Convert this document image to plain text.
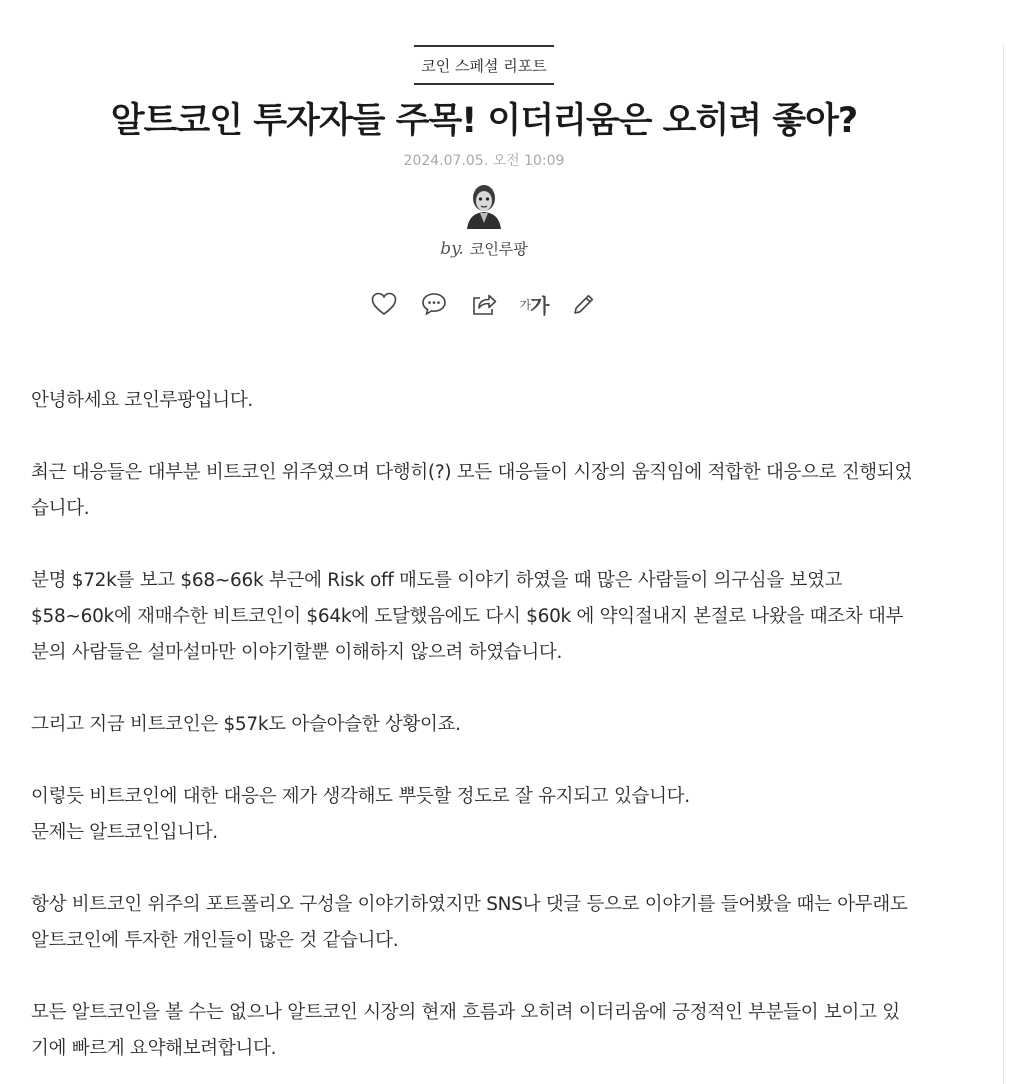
코인 스페셜 리포트
알트코인 투자자들 주목! 이더리움은 오히려 좋아?
2024.07.05. 오전 10:09
by. 코인루팡
가 가

안녕하세요 코인루팡입니다.

최근 대응들은 대부분 비트코인 위주였으며 다행히(?) 모든 대응들이 시장의 움직임에 적합한 대응으로 진행되었

습니다.

분명 $72k를 보고 $68~66k 부근에 Risk off 매도를 이야기 하였을 때 많은 사람들이 의구심을 보였고

$58~60k에 재매수한 비트코인이 $64k에 도달했음에도 다시 $60k 에 약익절내지 본절로 나왔을 때조차 대부

분의 사람들은 설마설마만 이야기할뿐 이해하지 않으려 하였습니다.

그리고 지금 비트코인은 $57k도 아슬아슬한 상황이죠.

이렇듯 비트코인에 대한 대응은 제가 생각해도 뿌듯할 정도로 잘 유지되고 있습니다.

문제는 알트코인입니다.

항상 비트코인 위주의 포트폴리오 구성을 이야기하였지만 SNS나 댓글 등으로 이야기를 들어봤을 때는 아무래도

알트코인에 투자한 개인들이 많은 것 같습니다.

모든 알트코인을 볼 수는 없으나 알트코인 시장의 현재 흐름과 오히려 이더리움에 긍정적인 부분들이 보이고 있

기에 빠르게 요약해보려합니다.
